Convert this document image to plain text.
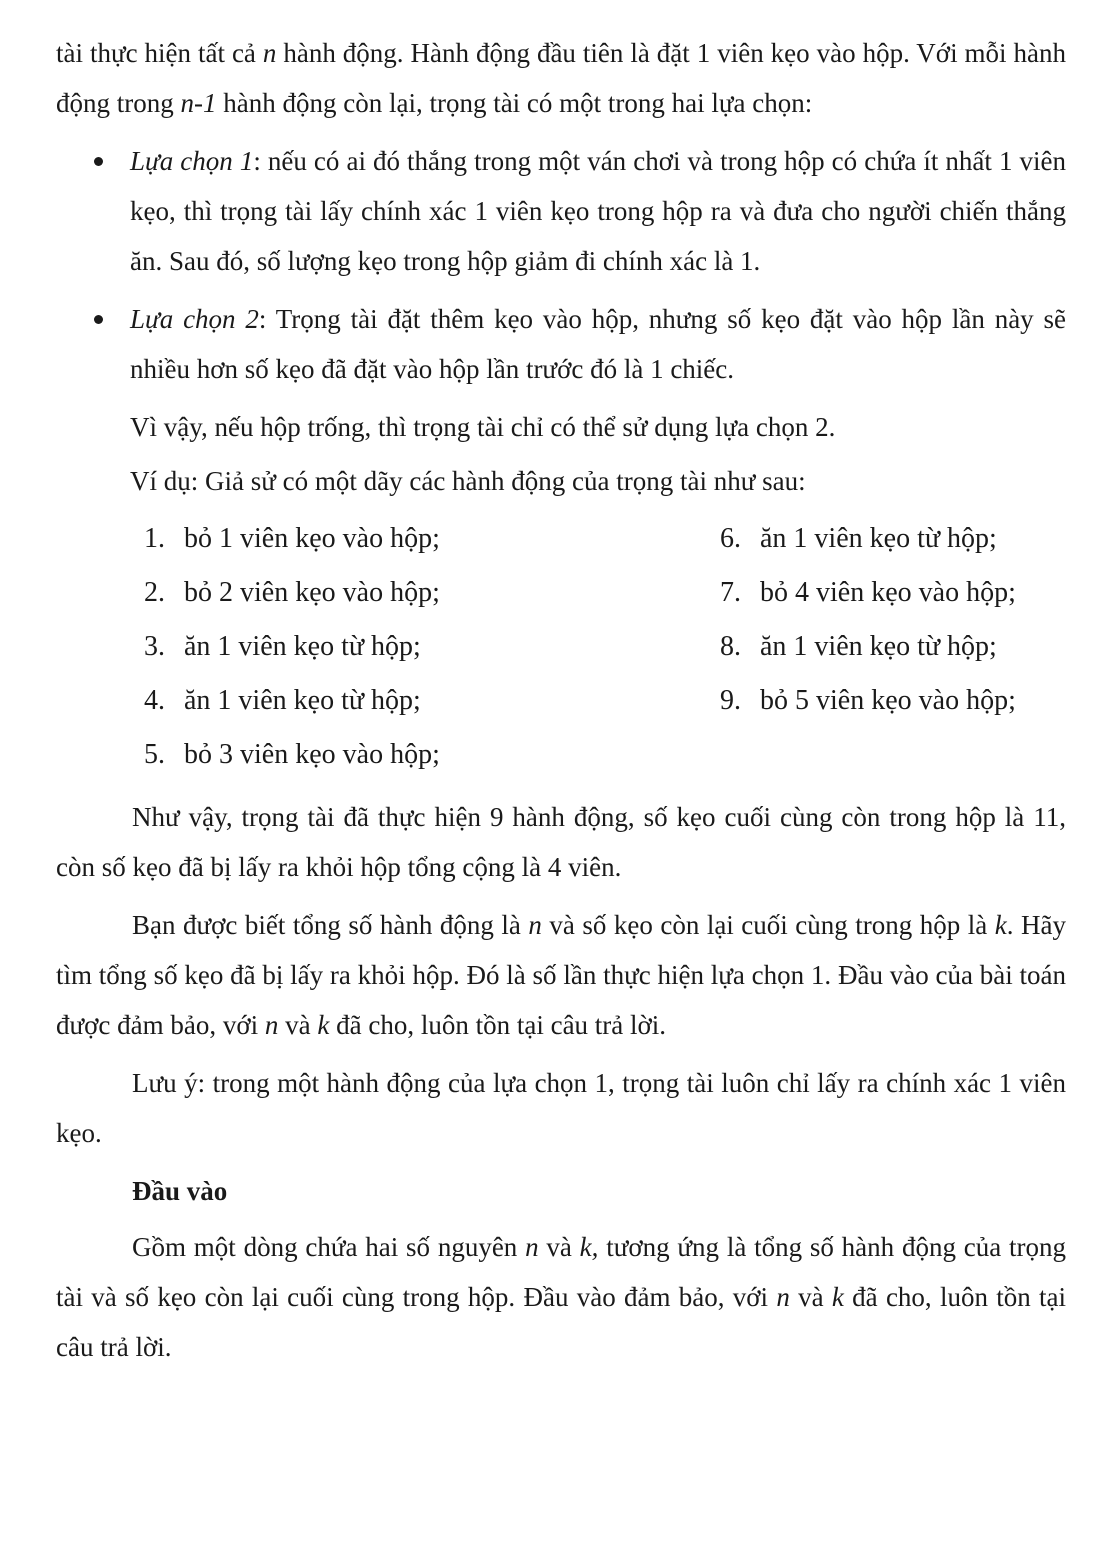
tài thực hiện tất cả n hành động. Hành động đầu tiên là đặt 1 viên kẹo vào hộp. Với mỗi hành động trong n-1 hành động còn lại, trọng tài có một trong hai lựa chọn:

Lựa chọn 1: nếu có ai đó thắng trong một ván chơi và trong hộp có chứa ít nhất 1 viên kẹo, thì trọng tài lấy chính xác 1 viên kẹo trong hộp ra và đưa cho người chiến thắng ăn. Sau đó, số lượng kẹo trong hộp giảm đi chính xác là 1.
Lựa chọn 2: Trọng tài đặt thêm kẹo vào hộp, nhưng số kẹo đặt vào hộp lần này sẽ nhiều hơn số kẹo đã đặt vào hộp lần trước đó là 1 chiếc.

Vì vậy, nếu hộp trống, thì trọng tài chỉ có thể sử dụng lựa chọn 2.

Ví dụ: Giả sử có một dãy các hành động của trọng tài như sau:

1. bỏ 1 viên kẹo vào hộp;
2. bỏ 2 viên kẹo vào hộp;
3. ăn 1 viên kẹo từ hộp;
4. ăn 1 viên kẹo từ hộp;
5. bỏ 3 viên kẹo vào hộp;
6. ăn 1 viên kẹo từ hộp;
7. bỏ 4 viên kẹo vào hộp;
8. ăn 1 viên kẹo từ hộp;
9. bỏ 5 viên kẹo vào hộp;

Như vậy, trọng tài đã thực hiện 9 hành động, số kẹo cuối cùng còn trong hộp là 11, còn số kẹo đã bị lấy ra khỏi hộp tổng cộng là 4 viên.

Bạn được biết tổng số hành động là n và số kẹo còn lại cuối cùng trong hộp là k. Hãy tìm tổng số kẹo đã bị lấy ra khỏi hộp. Đó là số lần thực hiện lựa chọn 1. Đầu vào của bài toán được đảm bảo, với n và k đã cho, luôn tồn tại câu trả lời.

Lưu ý: trong một hành động của lựa chọn 1, trọng tài luôn chỉ lấy ra chính xác 1 viên kẹo.

Đầu vào

Gồm một dòng chứa hai số nguyên n và k, tương ứng là tổng số hành động của trọng tài và số kẹo còn lại cuối cùng trong hộp. Đầu vào đảm bảo, với n và k đã cho, luôn tồn tại câu trả lời.
